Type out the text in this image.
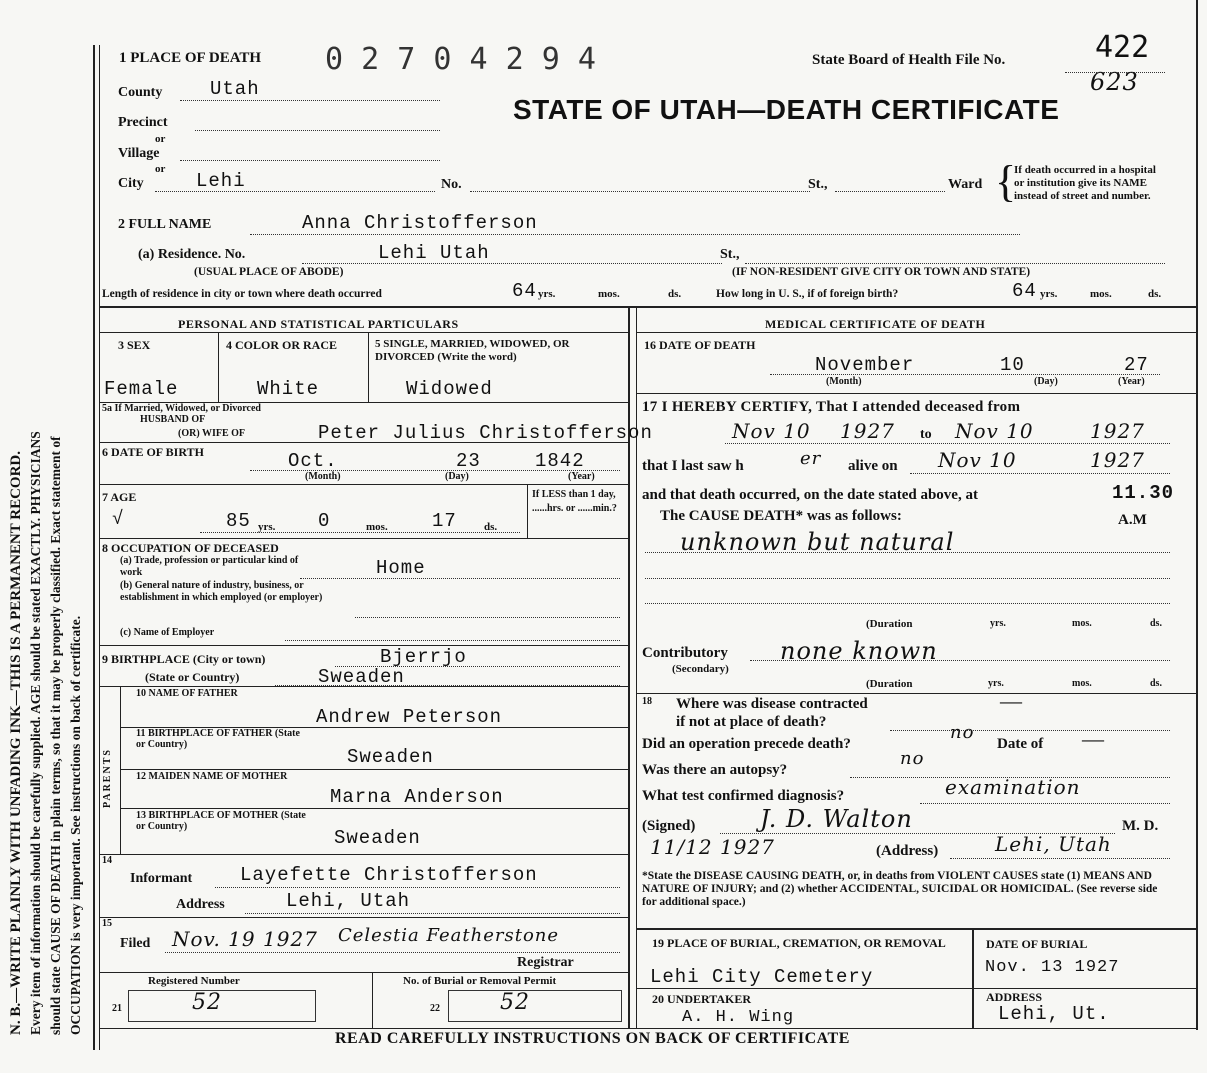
N. B.—WRITE PLAINLY WITH UNFADING INK—THIS IS A PERMANENT RECORD. Every item of information should be carefully supplied. AGE should be stated EXACTLY. PHYSICIANS should state CAUSE OF DEATH in plain terms, so that it may be properly classified. Exact statement of OCCUPATION is very important. See instructions on back of certificate.
1 PLACE OF DEATH 0 2 7 0 4 2 9 4	State Board of Health File No.	422
623
STATE OF UTAH—DEATH CERTIFICATE
County	Utah
Precinct
or
Village
or
City	Lehi	No.	St.,	Ward {
If death occurred in a hospital or institution give its NAME instead of street and number.
2 FULL NAME	Anna Christofferson
(a) Residence. No.	Lehi Utah	St.,
(USUAL PLACE OF ABODE)	(IF NON-RESIDENT GIVE CITY OR TOWN AND STATE)
Length of residence in city or town where death occurred	64 yrs.	mos.	ds.	How long in U. S., if of foreign birth?	64 yrs.	mos.	ds.
PERSONAL AND STATISTICAL PARTICULARS	MEDICAL CERTIFICATE OF DEATH
3 SEX	4 COLOR OR RACE	5 SINGLE, MARRIED, WIDOWED, OR DIVORCED (Write the word)
Female	White	Widowed
5a If Married, Widowed, or Divorced
HUSBAND OF
(OR) WIFE OF	Peter Julius Christofferson
6 DATE OF BIRTH	Oct.	23	1842
(Month)	(Day)	(Year)
7 AGE
√	85 yrs. 0	mos. 17 ds.
If LESS than 1 day, ......hrs. or ......min.?
8 OCCUPATION OF DECEASED
(a) Trade, profession or particular kind of work	Home
(b) General nature of industry, business, or establishment in which employed (or employer)
(c) Name of Employer
9 BIRTHPLACE (City or town)	Bjerrjo
(State or Country)	Sweaden
PARENTS
10 NAME OF FATHER
Andrew Peterson
11 BIRTHPLACE OF FATHER (State or Country)
Sweaden
12 MAIDEN NAME OF MOTHER
Marna Anderson
13 BIRTHPLACE OF MOTHER (State or Country)
Sweaden
14
Informant	Layefette Christofferson
Address	Lehi, Utah
15
Filed Nov. 19 1927 Celestia Featherstone
Registrar
Registered Number	No. of Burial or Removal Permit
21	52	22	52
16 DATE OF DEATH
November	10	27
(Month)	(Day)	(Year)
17 I HEREBY CERTIFY, That I attended deceased from
Nov 10 1927 to Nov 10	1927
that I last saw h	er alive on Nov 10	1927
and that death occurred, on the date stated above, at	11.30
The CAUSE DEATH* was as follows:	A.M
unknown but natural
(Duration	yrs.	mos.	ds.
Contributory
(Secondary)
none known
(Duration	yrs.	mos.	ds.
18 Where was disease contracted
if not at place of death?
—
Did an operation precede death?
no
Date of —
Was there an autopsy?
no
What test confirmed diagnosis?	examination
(Signed)	J. D. Walton	M. D.
11/12 1927	(Address)	Lehi, Utah
*State the DISEASE CAUSING DEATH, or, in deaths from VIOLENT CAUSES state (1) MEANS AND NATURE OF INJURY; and (2) whether ACCIDENTAL, SUICIDAL OR HOMICIDAL. (See reverse side for additional space.)
19 PLACE OF BURIAL, CREMATION, OR REMOVAL
Lehi City Cemetery
DATE OF BURIAL
Nov. 13 1927
20 UNDERTAKER
A. H. Wing
ADDRESS
Lehi, Ut.
READ CAREFULLY INSTRUCTIONS ON BACK OF CERTIFICATE
